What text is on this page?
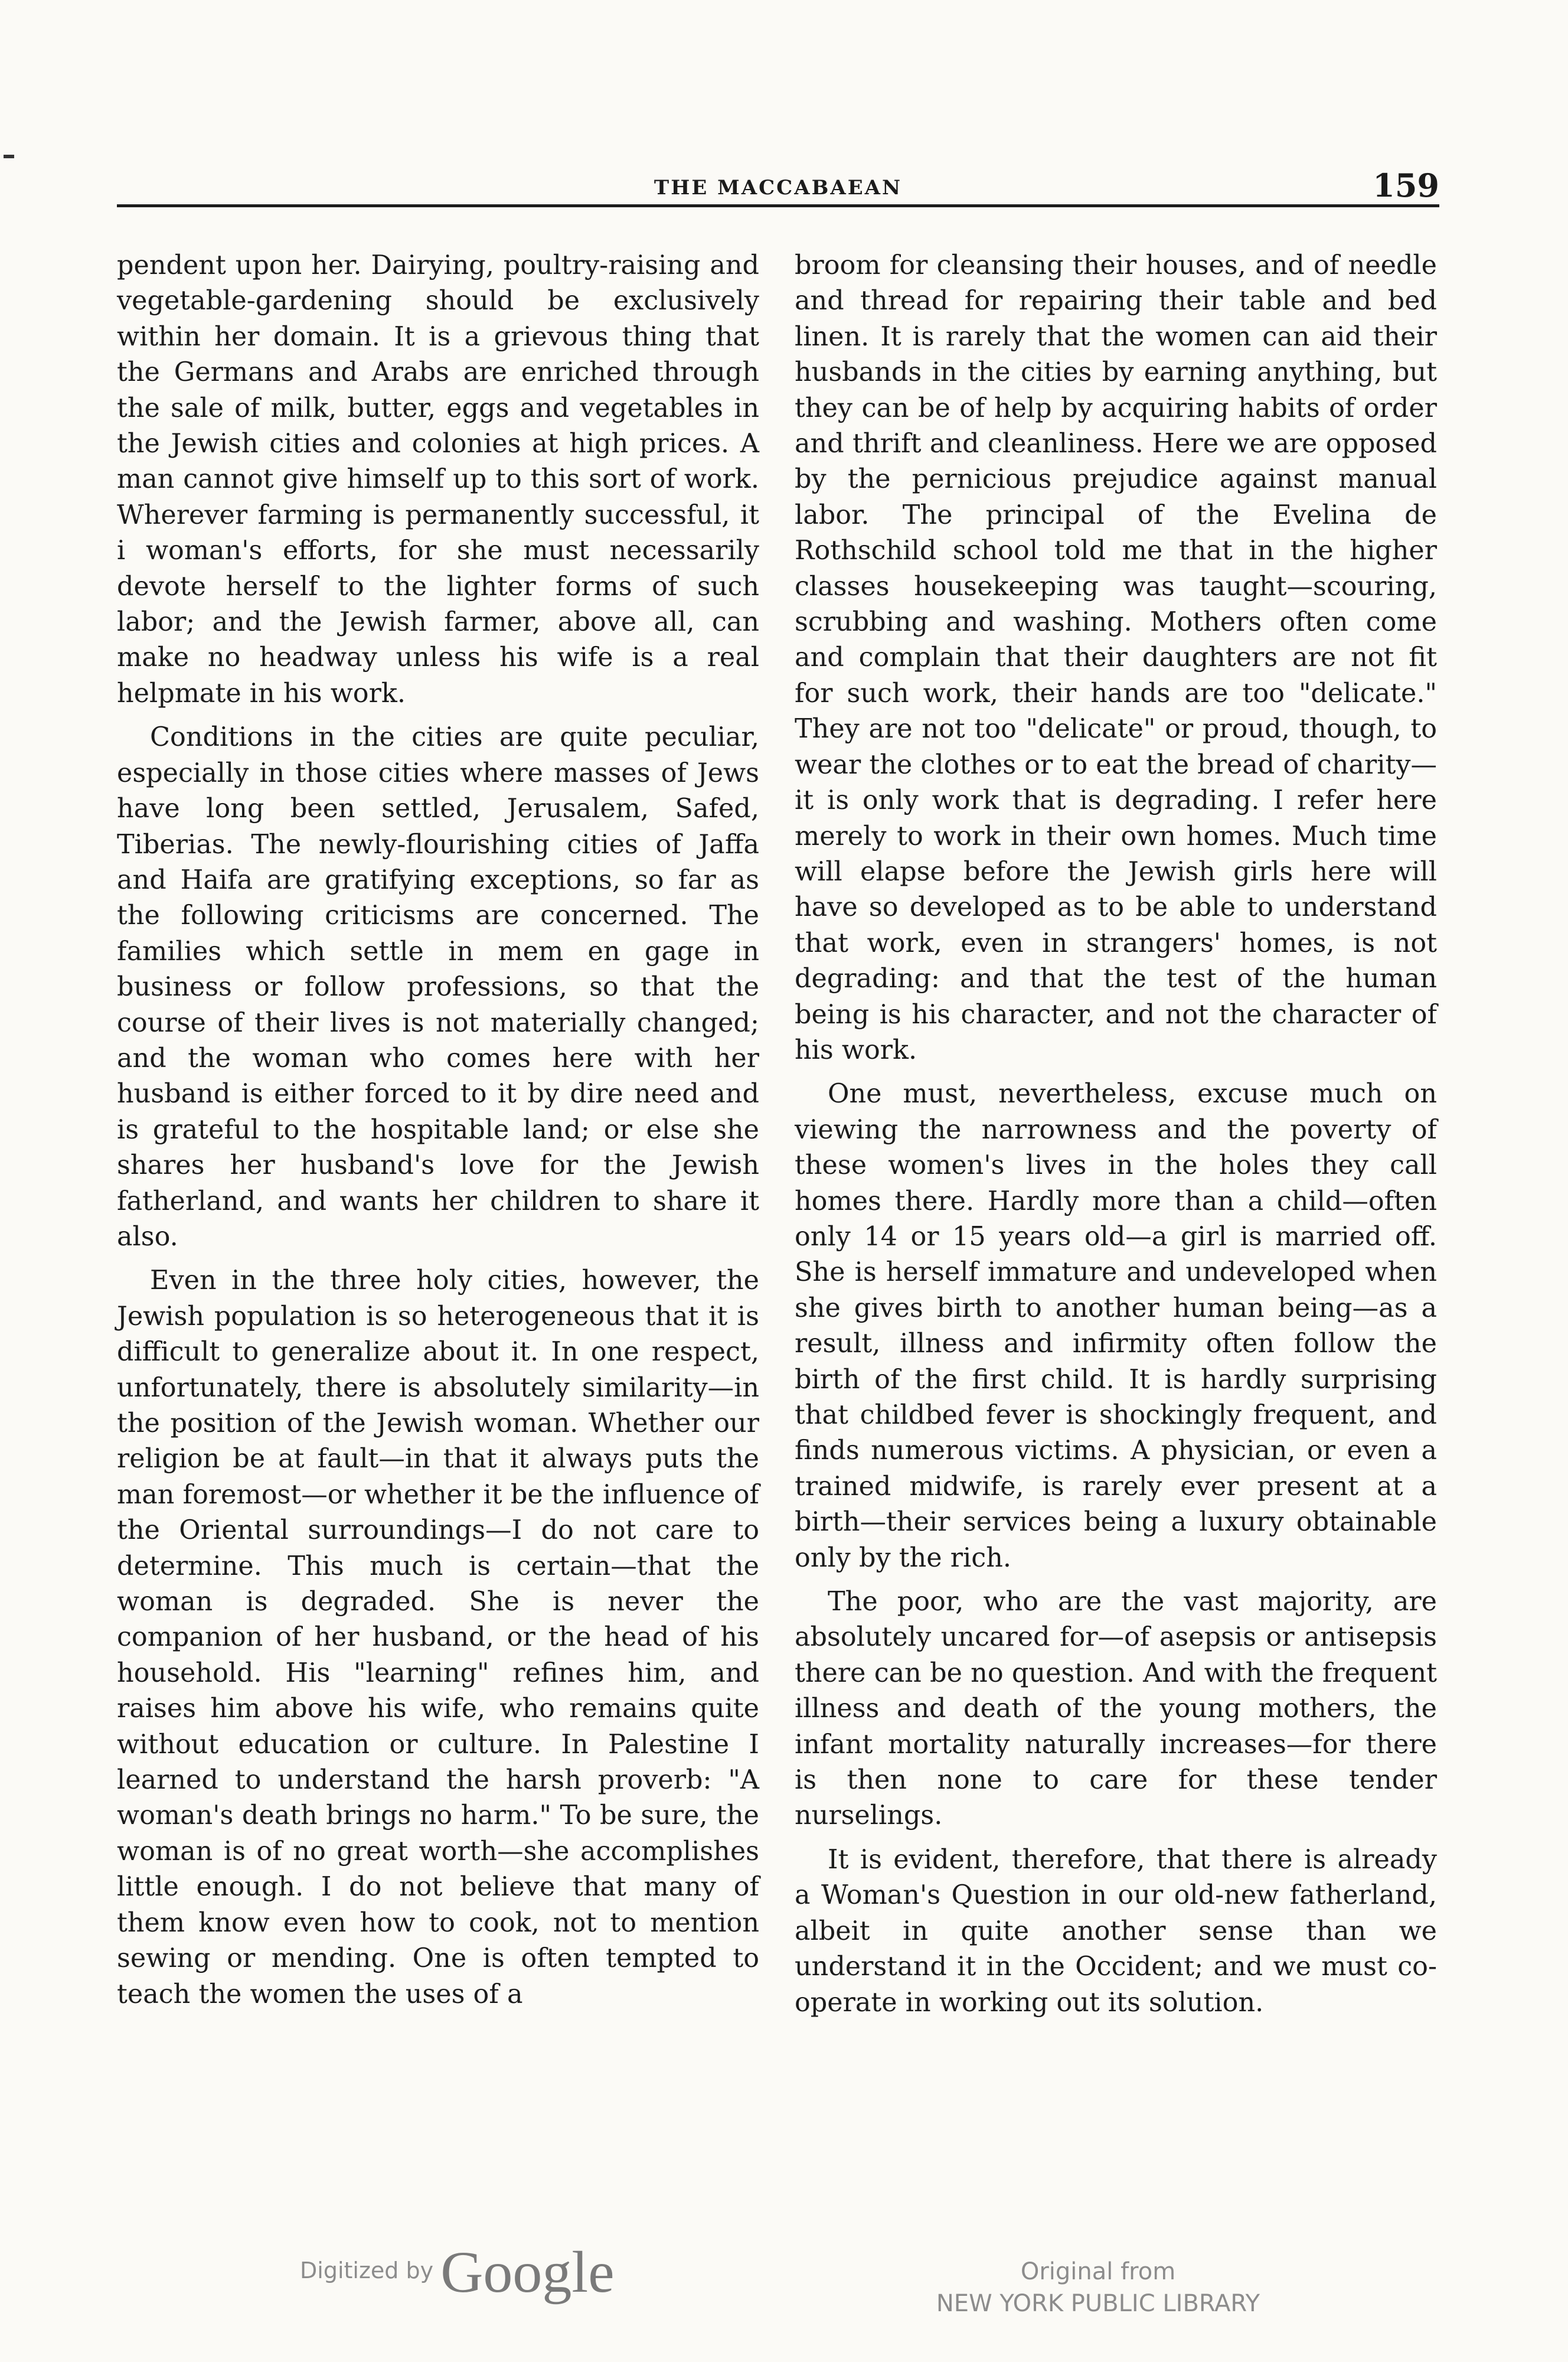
THE MACCABAEAN	159

pendent upon her. Dairying, poultry-raising and vegetable-gardening should be exclusively within her domain. It is a grievous thing that the Germans and Arabs are enriched through the sale of milk, butter, eggs and vegetables in the Jewish cities and colonies at high prices. A man cannot give himself up to this sort of work. Wherever farming is permanently successful, it i woman's efforts, for she must necessarily devote herself to the lighter forms of such labor; and the Jewish farmer, above all, can make no headway unless his wife is a real helpmate in his work.

Conditions in the cities are quite peculiar, especially in those cities where masses of Jews have long been settled, Jerusalem, Safed, Tiberias. The newly-flourishing cities of Jaffa and Haifa are gratifying exceptions, so far as the following criticisms are concerned. The families which settle in mem en gage in business or follow professions, so that the course of their lives is not materially changed; and the woman who comes here with her husband is either forced to it by dire need and is grateful to the hospitable land; or else she shares her husband's love for the Jewish fatherland, and wants her children to share it also.

Even in the three holy cities, however, the Jewish population is so heterogeneous that it is difficult to generalize about it. In one respect, unfortunately, there is absolutely similarity—in the position of the Jewish woman. Whether our religion be at fault—in that it always puts the man foremost—or whether it be the influence of the Oriental surroundings—I do not care to determine. This much is certain—that the woman is degraded. She is never the companion of her husband, or the head of his household. His "learning" refines him, and raises him above his wife, who remains quite without education or culture. In Palestine I learned to understand the harsh proverb: "A woman's death brings no harm." To be sure, the woman is of no great worth—she accomplishes little enough. I do not believe that many of them know even how to cook, not to mention sewing or mending. One is often tempted to teach the women the uses of a

broom for cleansing their houses, and of needle and thread for repairing their table and bed linen. It is rarely that the women can aid their husbands in the cities by earning anything, but they can be of help by acquiring habits of order and thrift and cleanliness. Here we are opposed by the pernicious prejudice against manual labor. The principal of the Evelina de Rothschild school told me that in the higher classes housekeeping was taught—scouring, scrubbing and washing. Mothers often come and complain that their daughters are not fit for such work, their hands are too "delicate." They are not too "delicate" or proud, though, to wear the clothes or to eat the bread of charity—it is only work that is degrading. I refer here merely to work in their own homes. Much time will elapse before the Jewish girls here will have so developed as to be able to understand that work, even in strangers' homes, is not degrading: and that the test of the human being is his character, and not the character of his work.

One must, nevertheless, excuse much on viewing the narrowness and the poverty of these women's lives in the holes they call homes there. Hardly more than a child—often only 14 or 15 years old—a girl is married off. She is herself immature and undeveloped when she gives birth to another human being—as a result, illness and infirmity often follow the birth of the first child. It is hardly surprising that childbed fever is shockingly frequent, and finds numerous victims. A physician, or even a trained midwife, is rarely ever present at a birth—their services being a luxury obtainable only by the rich.

The poor, who are the vast majority, are absolutely uncared for—of asepsis or antisepsis there can be no question. And with the frequent illness and death of the young mothers, the infant mortality naturally increases—for there is then none to care for these tender nurselings.

It is evident, therefore, that there is already a Woman's Question in our old-new fatherland, albeit in quite another sense than we understand it in the Occident; and we must co-operate in working out its solution.

Digitized by Google	Original from
NEW YORK PUBLIC LIBRARY
